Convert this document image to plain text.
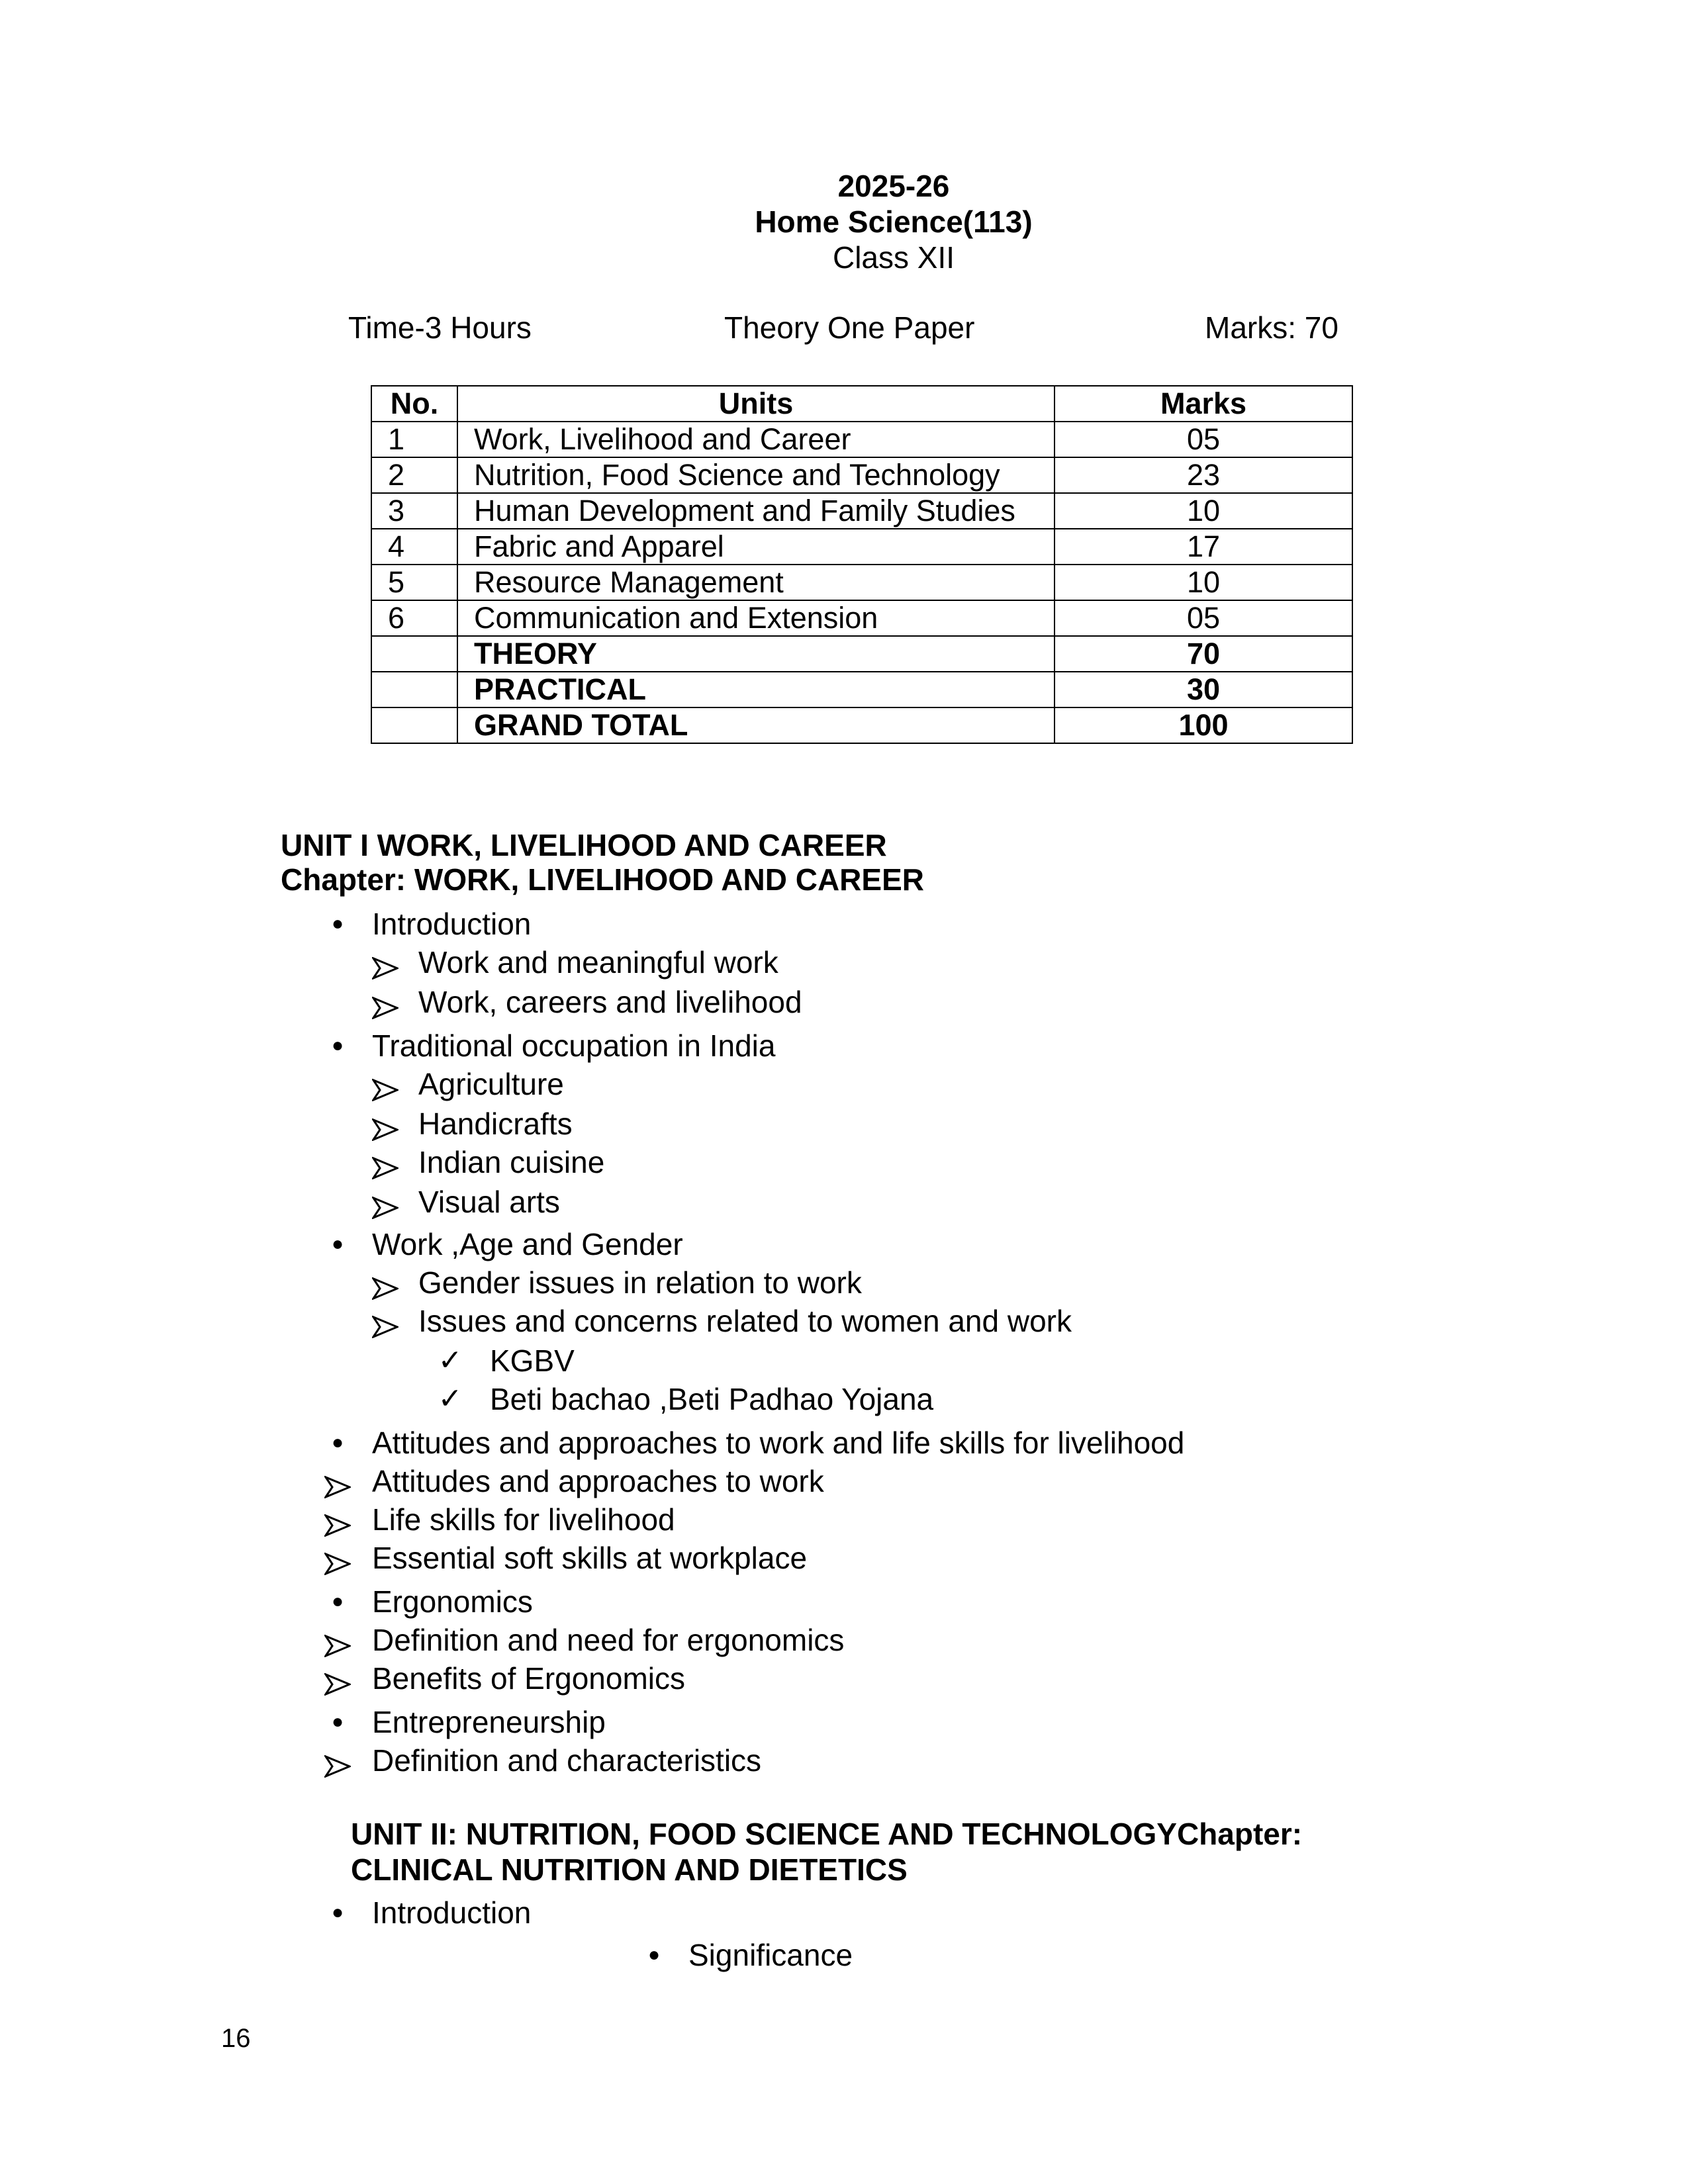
2025-26
Home Science(113)
Class XII
Time-3 Hours	Theory One Paper	Marks: 70
No.	Units	Marks
1	Work, Livelihood and Career	05
2	Nutrition, Food Science and Technology	23
3	Human Development and Family Studies	10
4	Fabric and Apparel	17
5	Resource Management	10
6	Communication and Extension	05
	THEORY	70
	PRACTICAL	30
	GRAND TOTAL	100
UNIT I WORK, LIVELIHOOD AND CAREER
Chapter: WORK, LIVELIHOOD AND CAREER
● Introduction
Work and meaningful work
Work, careers and livelihood
● Traditional occupation in India
Agriculture
Handicrafts
Indian cuisine
Visual arts
● Work ,Age and Gender
Gender issues in relation to work
Issues and concerns related to women and work
✓ KGBV
✓ Beti bachao ,Beti Padhao Yojana
● Attitudes and approaches to work and life skills for livelihood
Attitudes and approaches to work
Life skills for livelihood
Essential soft skills at workplace
● Ergonomics
Definition and need for ergonomics
Benefits of Ergonomics
● Entrepreneurship
Definition and characteristics
UNIT II: NUTRITION, FOOD SCIENCE AND TECHNOLOGYChapter:
CLINICAL NUTRITION AND DIETETICS
● Introduction
● Significance
16
